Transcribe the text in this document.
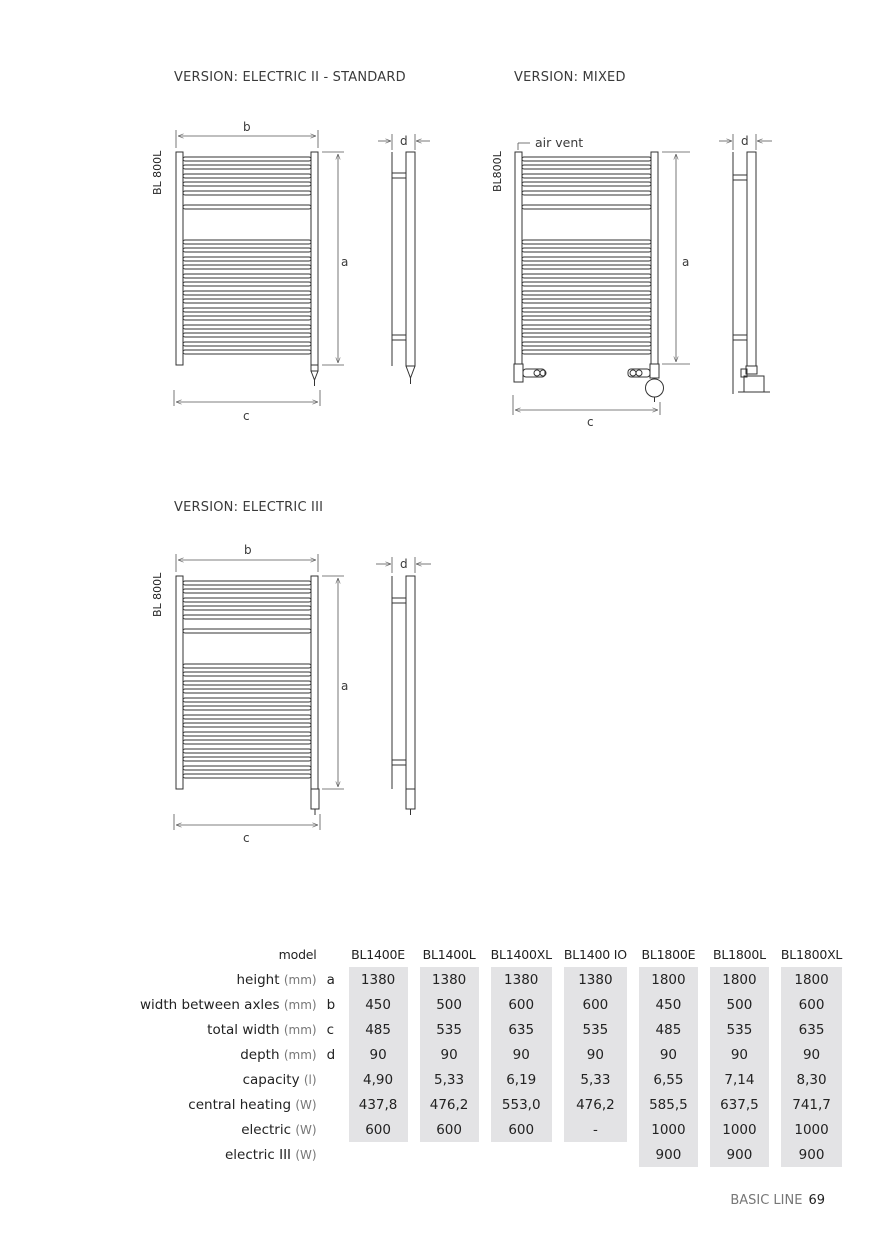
VERSION: ELECTRIC II - STANDARD	VERSION: MIXED
VERSION: ELECTRIC III
BL 800L	BL800L
BL 800L
b
a
c
d	air vent
a
c
d
b
a
c
d
model		BL1400E		BL1400L		BL1400XL		BL1400 IO		BL1800E		BL1800L		BL1800XL
height (mm)	a	1380		1380		1380		1380		1800		1800		1800
width between axles (mm)	b	450		500		600		600		450		500		600
total width (mm)	c	485		535		635		535		485		535		635
depth (mm)	d	90		90		90		90		90		90		90
capacity (l)		4,90		5,33		6,19		5,33		6,55		7,14		8,30
central heating (W)		437,8		476,2		553,0		476,2		585,5		637,5		741,7
electric (W)		600		600		600		-		1000		1000		1000
electric III (W)										900		900		900
BASIC LINE 69
